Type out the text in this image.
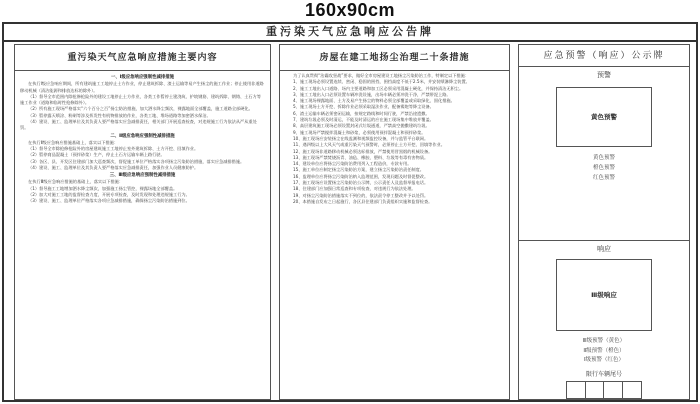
160x90cm
重污染天气应急响应公告牌
重污染天气应急响应措施主要内容
一、Ⅰ级应急响应强制性减排措施
在执行Ⅰ级应急响应期间，所有建筑施工工地停止土方作业，停止建筑拆除、渣土运输等易产生扬尘的施工作业；停止使用非道路移动机械（清洁能源和排放达标的除外）。
（1）督导全市范围内除抢修抢险外的建设工地停止土方作业，各类工作暂停土建浇筑、护坡钢筋、建筑拆除、钢铸、土石方等施工作业（道路和临时性抢修除外）。
（2）所有施工现场严格落实“六个百分之百”扬尘防治措施，加大洒水降尘频次，裸露地面全部覆盖，施工道路全部硬化。
（3）暂停露天喷涂、粉刷等涉及挥发性有机物排放的作业，各类工地、堆场道路等加密洒水保洁。
（4）建设、施工、监理单位及其负责人要严格落实应急减排责任，相关部门开展巡查检查，对违规施工行为依法从严从重处罚。
二、Ⅱ级应急响应强制性减排措施
在执行Ⅱ级应急响应措施基础上，落实以下措施：
（1）督导全市除抢修抢险外的房屋建筑施工工地停止室外建筑拆除、土方开挖、回填作业。
（2）暂停商品混凝土（预拌砂浆）生产，停止土石方运输车辆上路行驶。
（3）各区、县、开发区住建部门加大巡查频次，督促施工单位严格落实各项扬尘污染防治措施，落实应急减排措施。
（4）建设、施工、监理单位及其负责人要严格落实应急减排责任，加强作业人员健康防护。
三、Ⅲ级应急响应强制性减排措施
在执行Ⅲ级应急响应措施的基础上，落实以下措施：
（1）督导施工工地增加洒水降尘频次，加强施工扬尘管控，裸露场地全部覆盖。
（2）加大对施工工地的监督检查力度，开展专项检查，及时发现和处理违规施工行为。
（3）建设、施工、监理单位严格落实各项应急减排措施，确保扬尘污染防治措施到位。
房屋在建工地扬尘治理二十条措施
为了认真贯彻“治霾攻坚战”要求，做好全市房屋建设工地扬尘污染防治工作，特制定以下措施：
1、施工现场必须设置连续、密闭、稳固的围挡，围挡高度不低于2.5米，并安装喷淋降尘装置。
2、施工工地出入口道路、场内主要道路和加工区必须采用混凝土硬化，并保持清洁无积尘。
3、施工工地出入口必须设置车辆冲洗设施，出场车辆必须冲洗干净，严禁带泥上路。
4、施工现场裸露地面、土方及易产生扬尘的物料必须全部覆盖或采取绿化、固化措施。
5、施工现场土方开挖、拆除作业必须采取湿法作业，配备雾炮等降尘设备。
6、渣土运输车辆必须密闭运输，按规定路线和时间行驶，严禁沿途遗撒。
7、建筑垃圾必须及时清运，不能及时清运的应在施工现场集中堆放并覆盖。
8、高层建筑施工现场必须设置封闭式垃圾通道，严禁高空抛撒建筑垃圾。
9、施工现场严禁搅拌混凝土和砂浆，必须使用预拌混凝土和预拌砂浆。
10、施工现场应安装扬尘在线监测和视频监控设备，并与监管平台联网。
11、遇四级以上大风天气或重污染天气预警时，必须停止土方开挖、回填等作业。
12、施工现场非道路移动机械必须达标排放，严禁使用冒黑烟的机械设备。
13、施工现场严禁焚烧沥青、油毡、橡胶、塑料、垃圾等有毒有害物质。
14、建设单位应将扬尘污染防治费用列入工程造价，专款专用。
15、施工单位应制定扬尘污染防治方案，建立扬尘污染防治责任制度。
16、监理单位应将扬尘污染防治纳入监理范围，发现问题及时督促整改。
17、施工现场应设置扬尘污染防治公示牌，公示责任人及监督举报电话。
18、住建部门应加强日常巡查和专项检查，对违规行为依法处理。
19、对扬尘污染防治措施落实不到位的，依法责令停工整改并予以处罚。
20、本措施自发布之日起施行，各区县住建部门负责组织实施和监督检查。
应急预警（响应）公示牌
预警
黄色预警
黄色预警
橙色预警
红色预警
响应
Ⅲ级响应
Ⅲ级预警（黄色）
Ⅱ级预警（橙色）
Ⅰ级预警（红色）
限行车辆尾号
